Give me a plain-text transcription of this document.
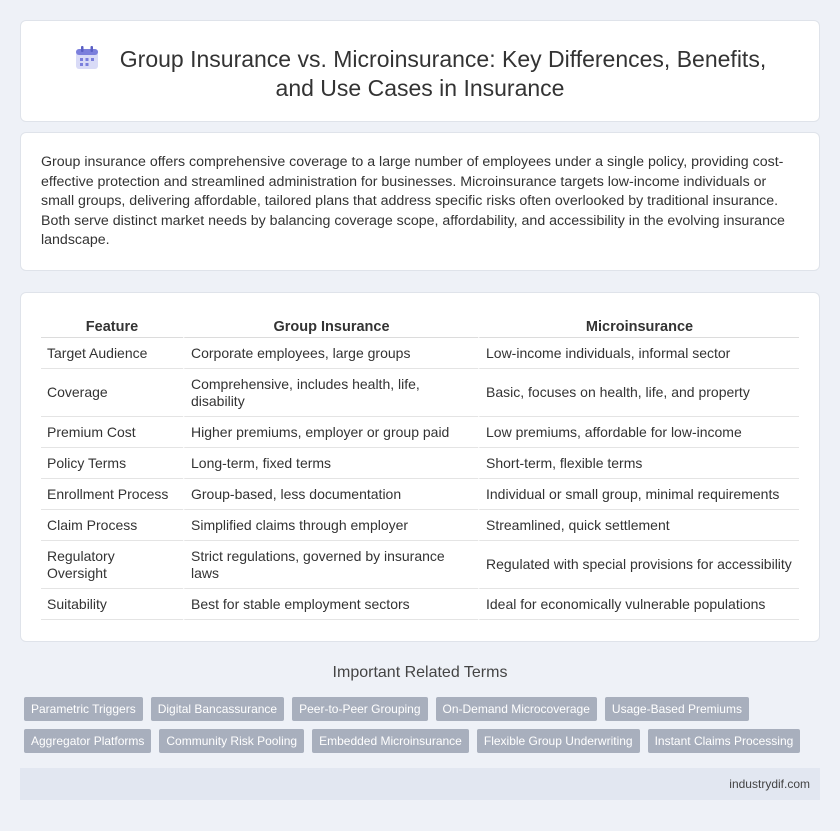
Group Insurance vs. Microinsurance: Key Differences, Benefits,
and Use Cases in Insurance

Group insurance offers comprehensive coverage to a large number of employees under a single policy, providing cost-effective protection and streamlined administration for businesses. Microinsurance targets low-income individuals or small groups, delivering affordable, tailored plans that address specific risks often overlooked by traditional insurance. Both serve distinct market needs by balancing coverage scope, affordability, and accessibility in the evolving insurance landscape.

Feature	Group Insurance	Microinsurance
Target Audience	Corporate employees, large groups	Low-income individuals, informal sector
Coverage	Comprehensive, includes health, life, disability	Basic, focuses on health, life, and property
Premium Cost	Higher premiums, employer or group paid	Low premiums, affordable for low-income
Policy Terms	Long-term, fixed terms	Short-term, flexible terms
Enrollment Process	Group-based, less documentation	Individual or small group, minimal requirements
Claim Process	Simplified claims through employer	Streamlined, quick settlement
Regulatory Oversight	Strict regulations, governed by insurance laws	Regulated with special provisions for accessibility
Suitability	Best for stable employment sectors	Ideal for economically vulnerable populations
Important Related Terms
Parametric Triggers	Digital Bancassurance	Peer-to-Peer Grouping	On-Demand Microcoverage	Usage-Based Premiums
Aggregator Platforms	Community Risk Pooling	Embedded Microinsurance	Flexible Group Underwriting	Instant Claims Processing
industrydif.com
